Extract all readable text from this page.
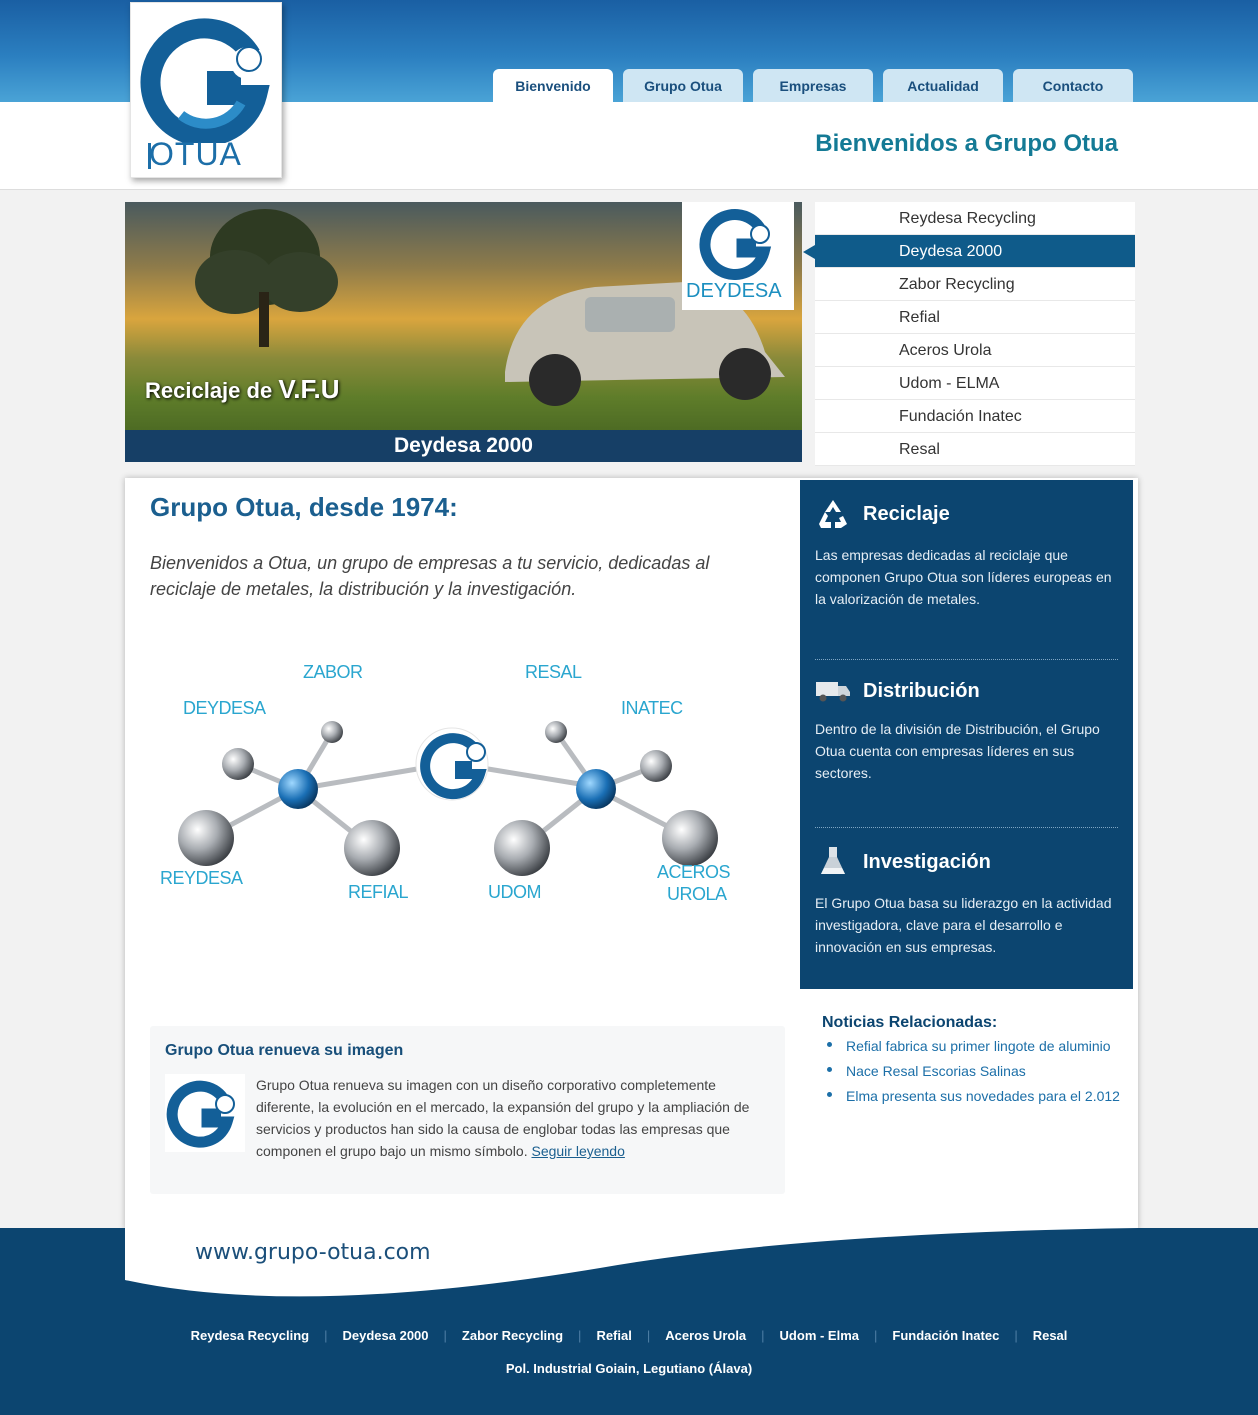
OTUA
Bienvenido	Grupo Otua	Empresas	Actualidad	Contacto
Bienvenidos a Grupo Otua
Reciclaje de V.F.U
DEYDESA
Deydesa 2000
Reydesa Recycling
Deydesa 2000
Zabor Recycling
Refial
Aceros Urola
Udom - ELMA
Fundación Inatec
Resal
Grupo Otua, desde 1974:

Bienvenidos a Otua, un grupo de empresas a tu servicio, dedicadas al reciclaje de metales, la distribución y la investigación.

ZABOR
DEYDESA
REYDESA
REFIAL
RESAL
INATEC
UDOM
ACEROS
UROLA
Grupo Otua renueva su imagen

Grupo Otua renueva su imagen con un diseño corporativo completemente diferente, la evolución en el mercado, la expansión del grupo y la ampliación de servicios y productos han sido la causa de englobar todas las empresas que componen el grupo bajo un mismo símbolo. Seguir leyendo

Reciclaje

Las empresas dedicadas al reciclaje que componen Grupo Otua son líderes europeas en la valorización de metales.

Distribución

Dentro de la división de Distribución, el Grupo Otua cuenta con empresas líderes en sus sectores.

Investigación

El Grupo Otua basa su liderazgo en la actividad investigadora, clave para el desarrollo e innovación en sus empresas.

Noticias Relacionadas:
Refial fabrica su primer lingote de aluminio
Nace Resal Escorias Salinas
Elma presenta sus novedades para el 2.012
www.grupo-otua.com
Reydesa Recycling | Deydesa 2000 | Zabor Recycling | Refial | Aceros Urola | Udom - Elma | Fundación Inatec | Resal
Pol. Industrial Goiain, Legutiano (Álava)
